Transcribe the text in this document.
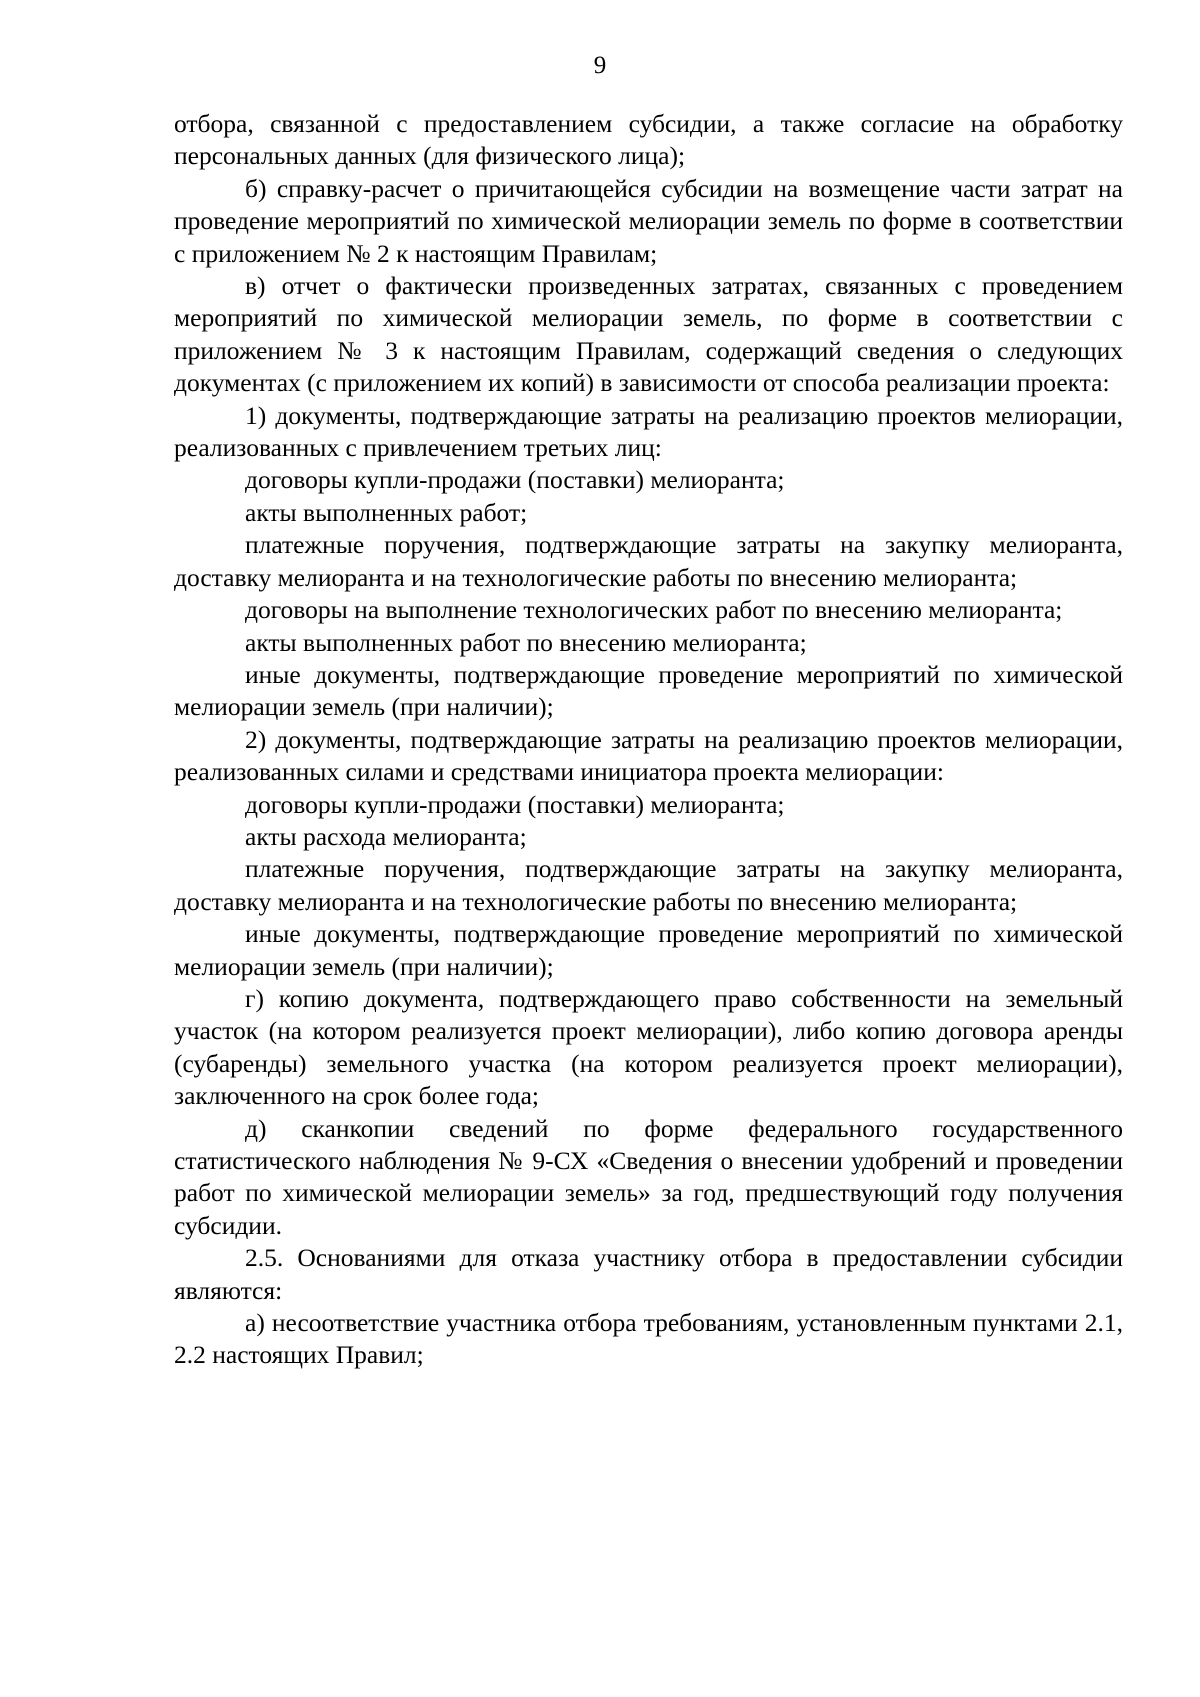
9

отбора, связанной с предоставлением субсидии, а также согласие на обработку персональных данных (для физического лица);

б) справку-расчет о причитающейся субсидии на возмещение части затрат на проведение мероприятий по химической мелиорации земель по форме в соответствии с приложением № 2 к настоящим Правилам;

в) отчет о фактически произведенных затратах, связанных с проведением мероприятий по химической мелиорации земель, по форме в соответствии с приложением № 3 к настоящим Правилам, содержащий сведения о следующих документах (с приложением их копий) в зависимости от способа реализации проекта:

1) документы, подтверждающие затраты на реализацию проектов мелиорации, реализованных с привлечением третьих лиц:

договоры купли-продажи (поставки) мелиоранта;

акты выполненных работ;

платежные поручения, подтверждающие затраты на закупку мелиоранта, доставку мелиоранта и на технологические работы по внесению мелиоранта;

договоры на выполнение технологических работ по внесению мелиоранта;

акты выполненных работ по внесению мелиоранта;

иные документы, подтверждающие проведение мероприятий по химической мелиорации земель (при наличии);

2) документы, подтверждающие затраты на реализацию проектов мелиорации, реализованных силами и средствами инициатора проекта мелиорации:

договоры купли-продажи (поставки) мелиоранта;

акты расхода мелиоранта;

платежные поручения, подтверждающие затраты на закупку мелиоранта, доставку мелиоранта и на технологические работы по внесению мелиоранта;

иные документы, подтверждающие проведение мероприятий по химической мелиорации земель (при наличии);

г) копию документа, подтверждающего право собственности на земельный участок (на котором реализуется проект мелиорации), либо копию договора аренды (субаренды) земельного участка (на котором реализуется проект мелиорации), заключенного на срок более года;

д) сканкопии сведений по форме федерального государственного статистического наблюдения № 9-СХ «Сведения о внесении удобрений и проведении работ по химической мелиорации земель» за год, предшествующий году получения субсидии.

2.5. Основаниями для отказа участнику отбора в предоставлении субсидии являются:

а) несоответствие участника отбора требованиям, установленным пунктами 2.1, 2.2 настоящих Правил;
